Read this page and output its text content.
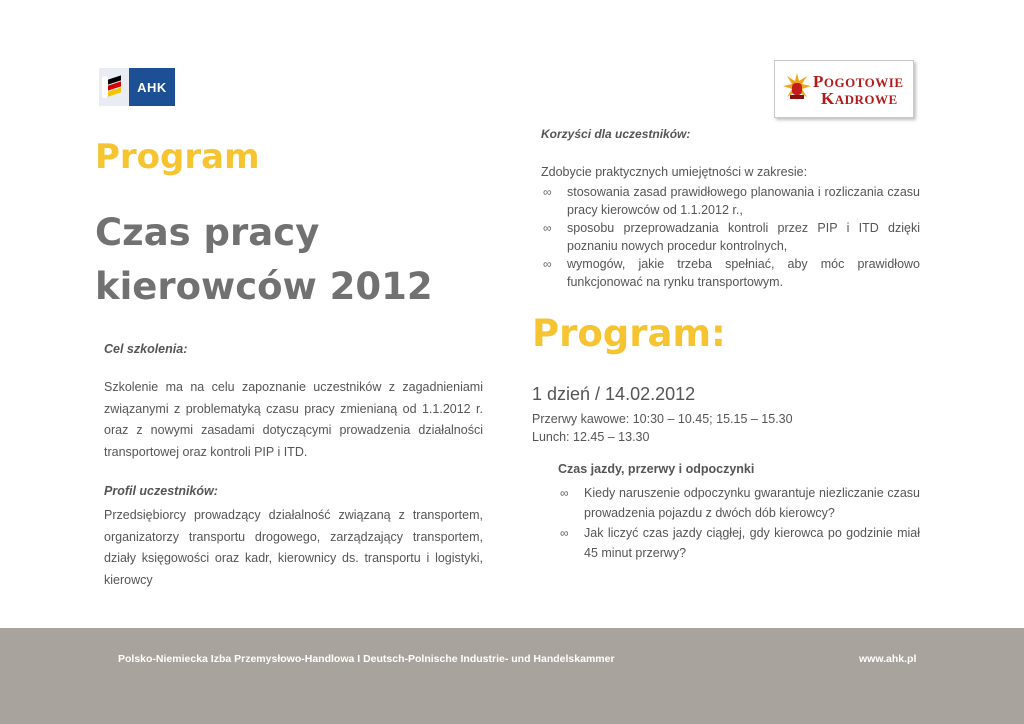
AHK	POGOTOWIE
KADROWE
Program
Czas pracy
kierowców 2012
Cel szkolenia:
Szkolenie ma na celu zapoznanie uczestników z zagadnieniami związanymi z problematyką czasu pracy zmienianą od 1.1.2012 r. oraz z nowymi zasadami dotyczącymi prowadzenia działalności transportowej oraz kontroli PIP i ITD.
Profil uczestników:
Przedsiębiorcy prowadzący działalność związaną z transportem, organizatorzy transportu drogowego, zarządzający transportem, działy księgowości oraz kadr, kierownicy ds. transportu i logistyki, kierowcy
Korzyści dla uczestników:
Zdobycie praktycznych umiejętności w zakresie:
∞ stosowania zasad prawidłowego planowania i rozliczania czasu pracy kierowców od 1.1.2012 r.,
∞ sposobu przeprowadzania kontroli przez PIP i ITD dzięki poznaniu nowych procedur kontrolnych,
∞ wymogów, jakie trzeba spełniać, aby móc prawidłowo funkcjonować na rynku transportowym.
Program:
1 dzień / 14.02.2012
Przerwy kawowe: 10:30 – 10.45; 15.15 – 15.30
Lunch: 12.45 – 13.30
Czas jazdy, przerwy i odpoczynki
∞ Kiedy naruszenie odpoczynku gwarantuje niezliczanie czasu prowadzenia pojazdu z dwóch dób kierowcy?
∞ Jak liczyć czas jazdy ciągłej, gdy kierowca po godzinie miał 45 minut przerwy?
Polsko-Niemiecka Izba Przemysłowo-Handlowa I Deutsch-Polnische Industrie- und Handelskammer	www.ahk.pl
